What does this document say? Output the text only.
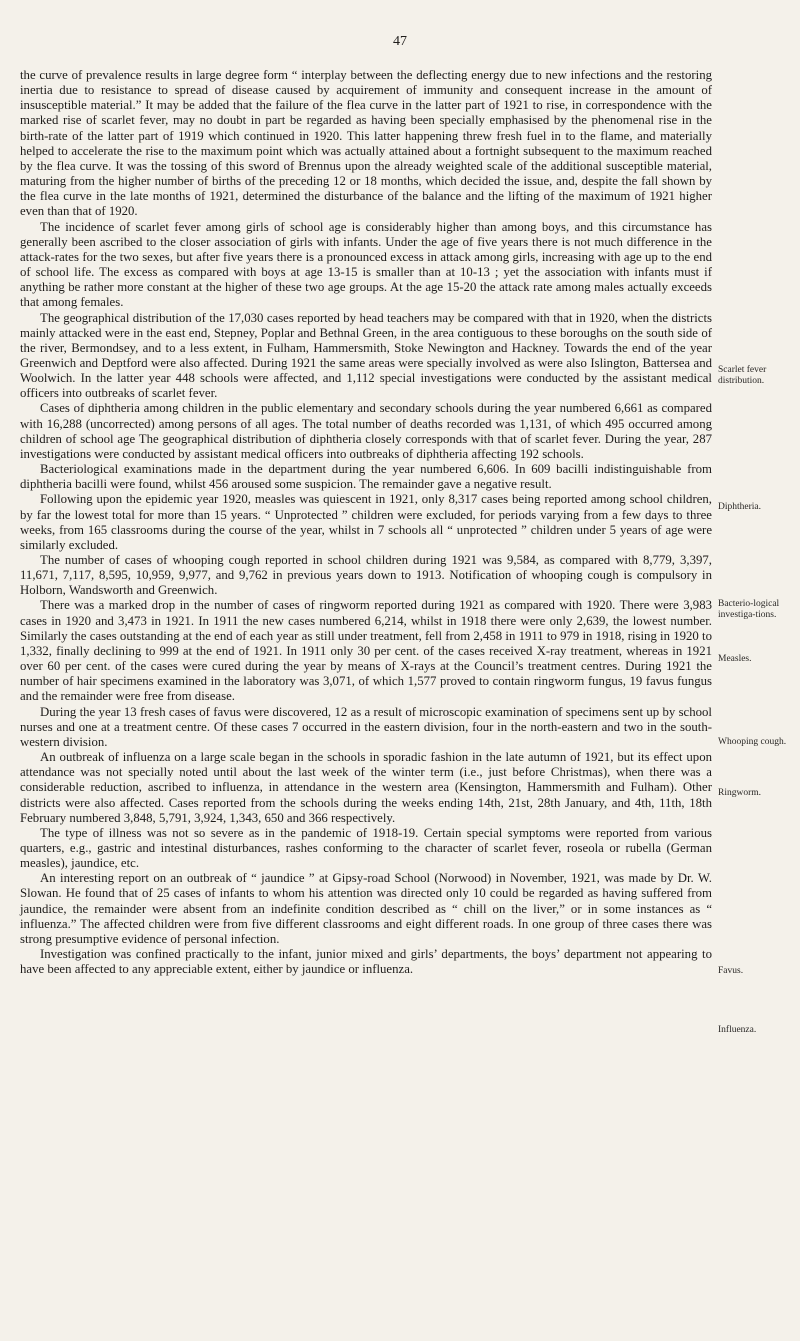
47

the curve of prevalence results in large degree form “ interplay between the deflecting energy due to new infections and the restoring inertia due to resistance to spread of disease caused by acquirement of immunity and consequent increase in the amount of insusceptible material.” It may be added that the failure of the flea curve in the latter part of 1921 to rise, in correspondence with the marked rise of scarlet fever, may no doubt in part be regarded as having been specially emphasised by the phenomenal rise in the birth-rate of the latter part of 1919 which continued in 1920. This latter happening threw fresh fuel in to the flame, and materially helped to accelerate the rise to the maximum point which was actually attained about a fortnight subsequent to the maximum reached by the flea curve. It was the tossing of this sword of Brennus upon the already weighted scale of the additional susceptible material, maturing from the higher number of births of the preceding 12 or 18 months, which decided the issue, and, despite the fall shown by the flea curve in the late months of 1921, determined the disturbance of the balance and the lifting of the maximum of 1921 higher even than that of 1920.

The incidence of scarlet fever among girls of school age is considerably higher than among boys, and this circumstance has generally been ascribed to the closer association of girls with infants. Under the age of five years there is not much difference in the attack-rates for the two sexes, but after five years there is a pronounced excess in attack among girls, increasing with age up to the end of school life. The excess as compared with boys at age 13-15 is smaller than at 10-13 ; yet the association with infants must if anything be rather more constant at the higher of these two age groups. At the age 15-20 the attack rate among males actually exceeds that among females.

The geographical distribution of the 17,030 cases reported by head teachers may be compared with that in 1920, when the districts mainly attacked were in the east end, Stepney, Poplar and Bethnal Green, in the area contiguous to these boroughs on the south side of the river, Bermondsey, and to a less extent, in Fulham, Hammersmith, Stoke Newington and Hackney. Towards the end of the year Greenwich and Deptford were also affected. During 1921 the same areas were specially involved as were also Islington, Battersea and Woolwich. In the latter year 448 schools were affected, and 1,112 special investigations were conducted by the assistant medical officers into outbreaks of scarlet fever.

Cases of diphtheria among children in the public elementary and secondary schools during the year numbered 6,661 as compared with 16,288 (uncorrected) among persons of all ages. The total number of deaths recorded was 1,131, of which 495 occurred among children of school age The geographical distribution of diphtheria closely corresponds with that of scarlet fever. During the year, 287 investigations were conducted by assistant medical officers into outbreaks of diphtheria affecting 192 schools.

Bacteriological examinations made in the department during the year numbered 6,606. In 609 bacilli indistinguishable from diphtheria bacilli were found, whilst 456 aroused some suspicion. The remainder gave a negative result.

Following upon the epidemic year 1920, measles was quiescent in 1921, only 8,317 cases being reported among school children, by far the lowest total for more than 15 years. “ Unprotected ” children were excluded, for periods varying from a few days to three weeks, from 165 classrooms during the course of the year, whilst in 7 schools all “ unprotected ” children under 5 years of age were similarly excluded.

The number of cases of whooping cough reported in school children during 1921 was 9,584, as compared with 8,779, 3,397, 11,671, 7,117, 8,595, 10,959, 9,977, and 9,762 in previous years down to 1913. Notification of whooping cough is compulsory in Holborn, Wandsworth and Greenwich.

There was a marked drop in the number of cases of ringworm reported during 1921 as compared with 1920. There were 3,983 cases in 1920 and 3,473 in 1921. In 1911 the new cases numbered 6,214, whilst in 1918 there were only 2,639, the lowest number. Similarly the cases outstanding at the end of each year as still under treatment, fell from 2,458 in 1911 to 979 in 1918, rising in 1920 to 1,332, finally declining to 999 at the end of 1921. In 1911 only 30 per cent. of the cases received X-ray treatment, whereas in 1921 over 60 per cent. of the cases were cured during the year by means of X-rays at the Council’s treatment centres. During 1921 the number of hair specimens examined in the laboratory was 3,071, of which 1,577 proved to contain ringworm fungus, 19 favus fungus and the remainder were free from disease.

During the year 13 fresh cases of favus were discovered, 12 as a result of microscopic examination of specimens sent up by school nurses and one at a treatment centre. Of these cases 7 occurred in the eastern division, four in the north-eastern and two in the south-western division.

An outbreak of influenza on a large scale began in the schools in sporadic fashion in the late autumn of 1921, but its effect upon attendance was not specially noted until about the last week of the winter term (i.e., just before Christmas), when there was a considerable reduction, ascribed to influenza, in attendance in the western area (Kensington, Hammersmith and Fulham). Other districts were also affected. Cases reported from the schools during the weeks ending 14th, 21st, 28th January, and 4th, 11th, 18th February numbered 3,848, 5,791, 3,924, 1,343, 650 and 366 respectively.

The type of illness was not so severe as in the pandemic of 1918-19. Certain special symptoms were reported from various quarters, e.g., gastric and intestinal disturbances, rashes conforming to the character of scarlet fever, roseola or rubella (German measles), jaundice, etc.

An interesting report on an outbreak of “ jaundice ” at Gipsy-road School (Norwood) in November, 1921, was made by Dr. W. Slowan. He found that of 25 cases of infants to whom his attention was directed only 10 could be regarded as having suffered from jaundice, the remainder were absent from an indefinite condition described as “ chill on the liver,” or in some instances as “ influenza.” The affected children were from five different classrooms and eight different roads. In one group of three cases there was strong presumptive evidence of personal infection.

Investigation was confined practically to the infant, junior mixed and girls’ departments, the boys’ department not appearing to have been affected to any appreciable extent, either by jaundice or influenza.

Scarlet fever distribution.
Diphtheria.
Bacterio-logical investiga-tions.
Measles.
Whooping cough.
Ringworm.
Favus.
Influenza.
